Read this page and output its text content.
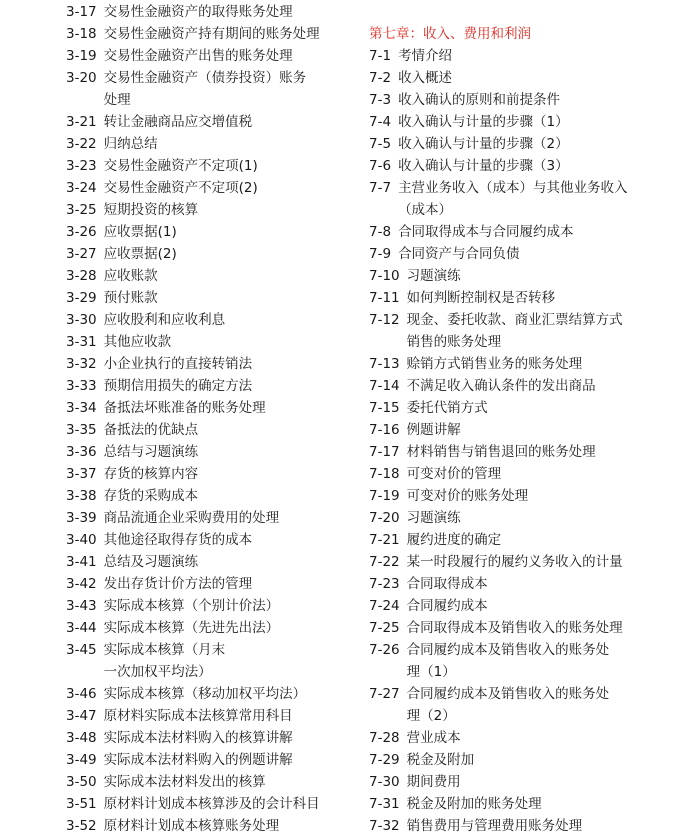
3-17 交易性金融资产的取得账务处理
3-18 交易性金融资产持有期间的账务处理
3-19 交易性金融资产出售的账务处理
3-20 交易性金融资产（债券投资）账务处理
3-21 转让金融商品应交增值税
3-22 归纳总结
3-23 交易性金融资产不定项(1)
3-24 交易性金融资产不定项(2)
3-25 短期投资的核算
3-26 应收票据(1)
3-27 应收票据(2)
3-28 应收账款
3-29 预付账款
3-30 应收股利和应收利息
3-31 其他应收款
3-32 小企业执行的直接转销法
3-33 预期信用损失的确定方法
3-34 备抵法坏账准备的账务处理
3-35 备抵法的优缺点
3-36 总结与习题演练
3-37 存货的核算内容
3-38 存货的采购成本
3-39 商品流通企业采购费用的处理
3-40 其他途径取得存货的成本
3-41 总结及习题演练
3-42 发出存货计价方法的管理
3-43 实际成本核算（个别计价法）
3-44 实际成本核算（先进先出法）
3-45 实际成本核算（月末一次加权平均法）
3-46 实际成本核算（移动加权平均法）
3-47 原材料实际成本法核算常用科目
3-48 实际成本法材料购入的核算讲解
3-49 实际成本法材料购入的例题讲解
3-50 实际成本法材料发出的核算
3-51 原材料计划成本核算涉及的会计科目
3-52 原材料计划成本核算账务处理
第七章：收入、费用和利润
7-1 考情介绍
7-2 收入概述
7-3 收入确认的原则和前提条件
7-4 收入确认与计量的步骤（1）
7-5 收入确认与计量的步骤（2）
7-6 收入确认与计量的步骤（3）
7-7 主营业务收入（成本）与其他业务收入（成本）
7-8 合同取得成本与合同履约成本
7-9 合同资产与合同负债
7-10 习题演练
7-11 如何判断控制权是否转移
7-12 现金、委托收款、商业汇票结算方式销售的账务处理
7-13 赊销方式销售业务的账务处理
7-14 不满足收入确认条件的发出商品
7-15 委托代销方式
7-16 例题讲解
7-17 材料销售与销售退回的账务处理
7-18 可变对价的管理
7-19 可变对价的账务处理
7-20 习题演练
7-21 履约进度的确定
7-22 某一时段履行的履约义务收入的计量
7-23 合同取得成本
7-24 合同履约成本
7-25 合同取得成本及销售收入的账务处理
7-26 合同履约成本及销售收入的账务处理（1）
7-27 合同履约成本及销售收入的账务处理（2）
7-28 营业成本
7-29 税金及附加
7-30 期间费用
7-31 税金及附加的账务处理
7-32 销售费用与管理费用账务处理
